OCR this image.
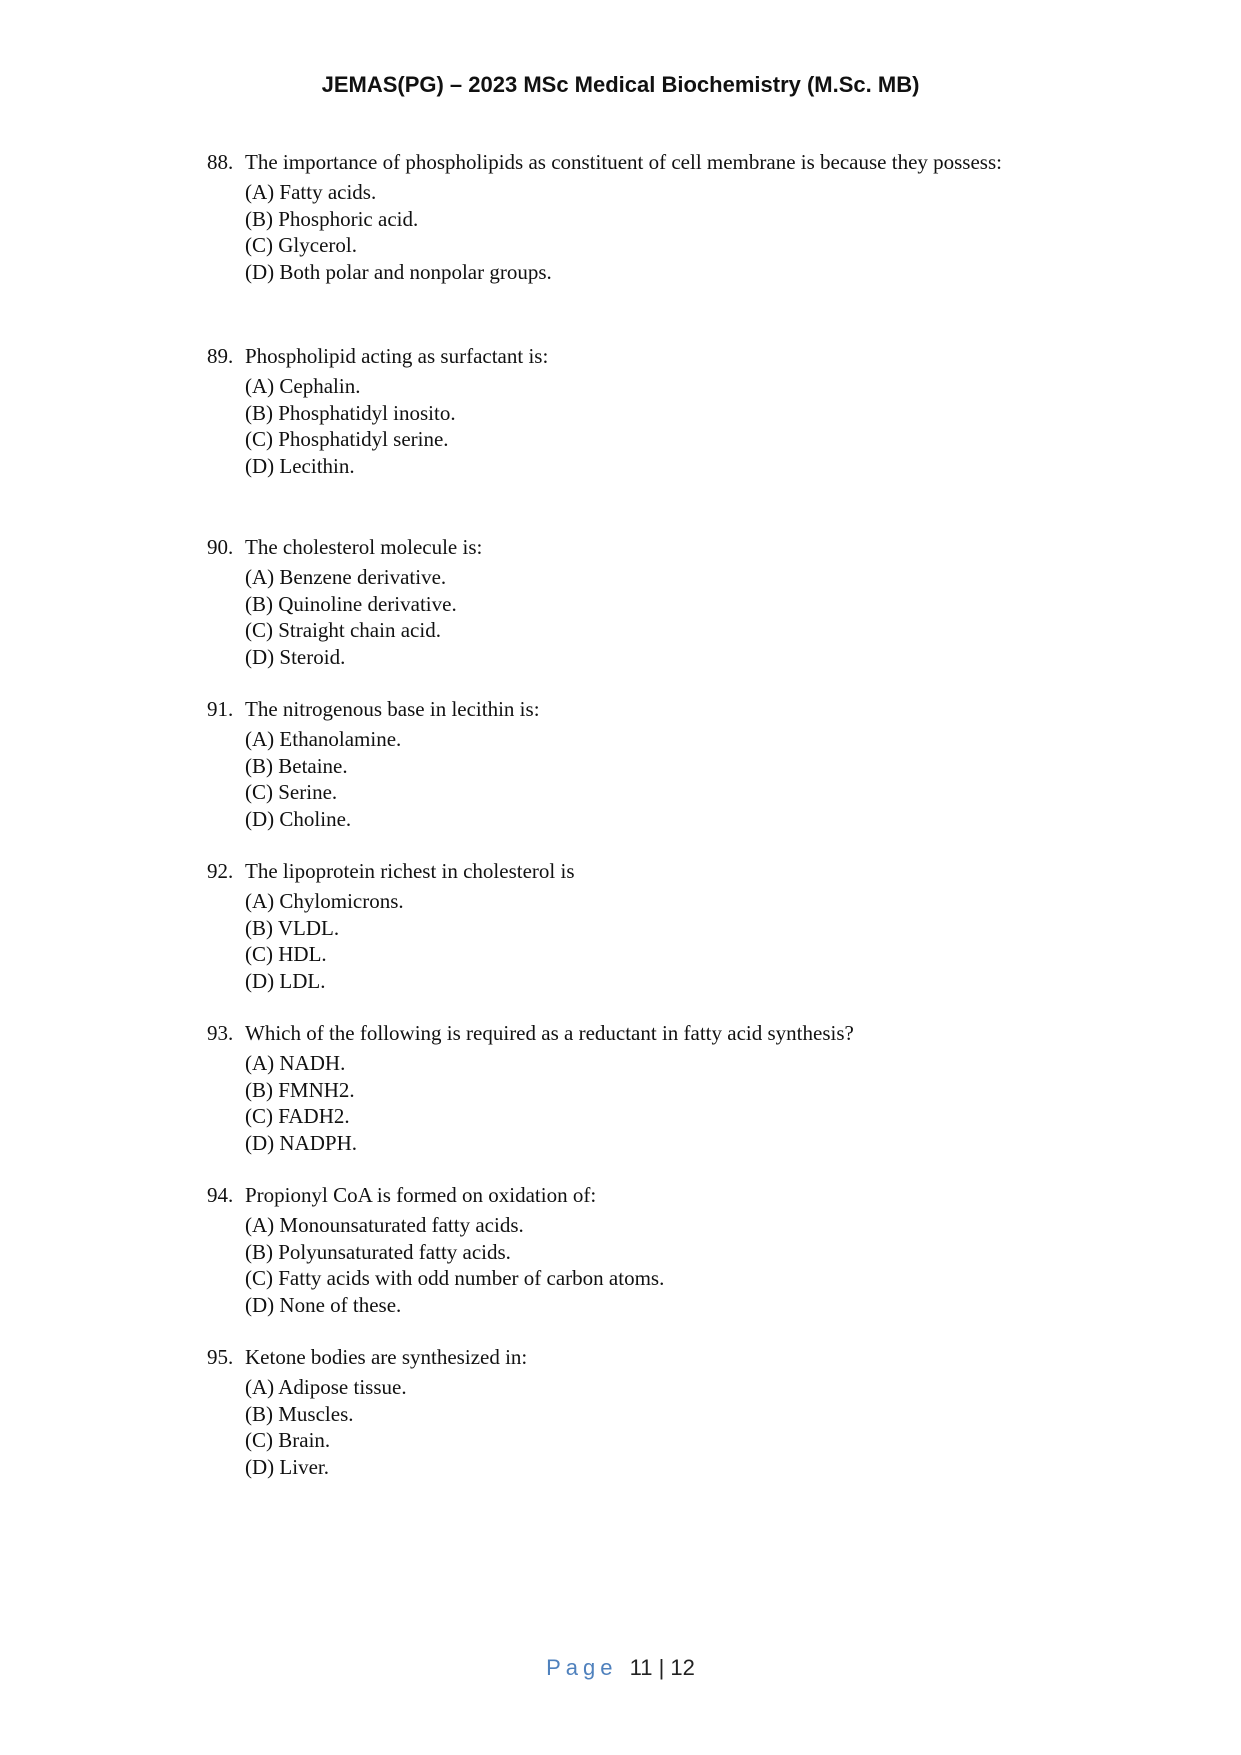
JEMAS(PG) – 2023 MSc Medical Biochemistry (M.Sc. MB)
88. The importance of phospholipids as constituent of cell membrane is because they possess:
(A) Fatty acids.
(B) Phosphoric acid.
(C) Glycerol.
(D) Both polar and nonpolar groups.
89. Phospholipid acting as surfactant is:
(A) Cephalin.
(B) Phosphatidyl inosito.
(C) Phosphatidyl serine.
(D) Lecithin.
90. The cholesterol molecule is:
(A) Benzene derivative.
(B) Quinoline derivative.
(C) Straight chain acid.
(D) Steroid.
91. The nitrogenous base in lecithin is:
(A) Ethanolamine.
(B) Betaine.
(C) Serine.
(D) Choline.
92. The lipoprotein richest in cholesterol is
(A) Chylomicrons.
(B) VLDL.
(C) HDL.
(D) LDL.
93. Which of the following is required as a reductant in fatty acid synthesis?
(A) NADH.
(B) FMNH2.
(C) FADH2.
(D) NADPH.
94. Propionyl CoA is formed on oxidation of:
(A) Monounsaturated fatty acids.
(B) Polyunsaturated fatty acids.
(C) Fatty acids with odd number of carbon atoms.
(D) None of these.
95. Ketone bodies are synthesized in:
(A) Adipose tissue.
(B) Muscles.
(C) Brain.
(D) Liver.
Page 11 | 12
